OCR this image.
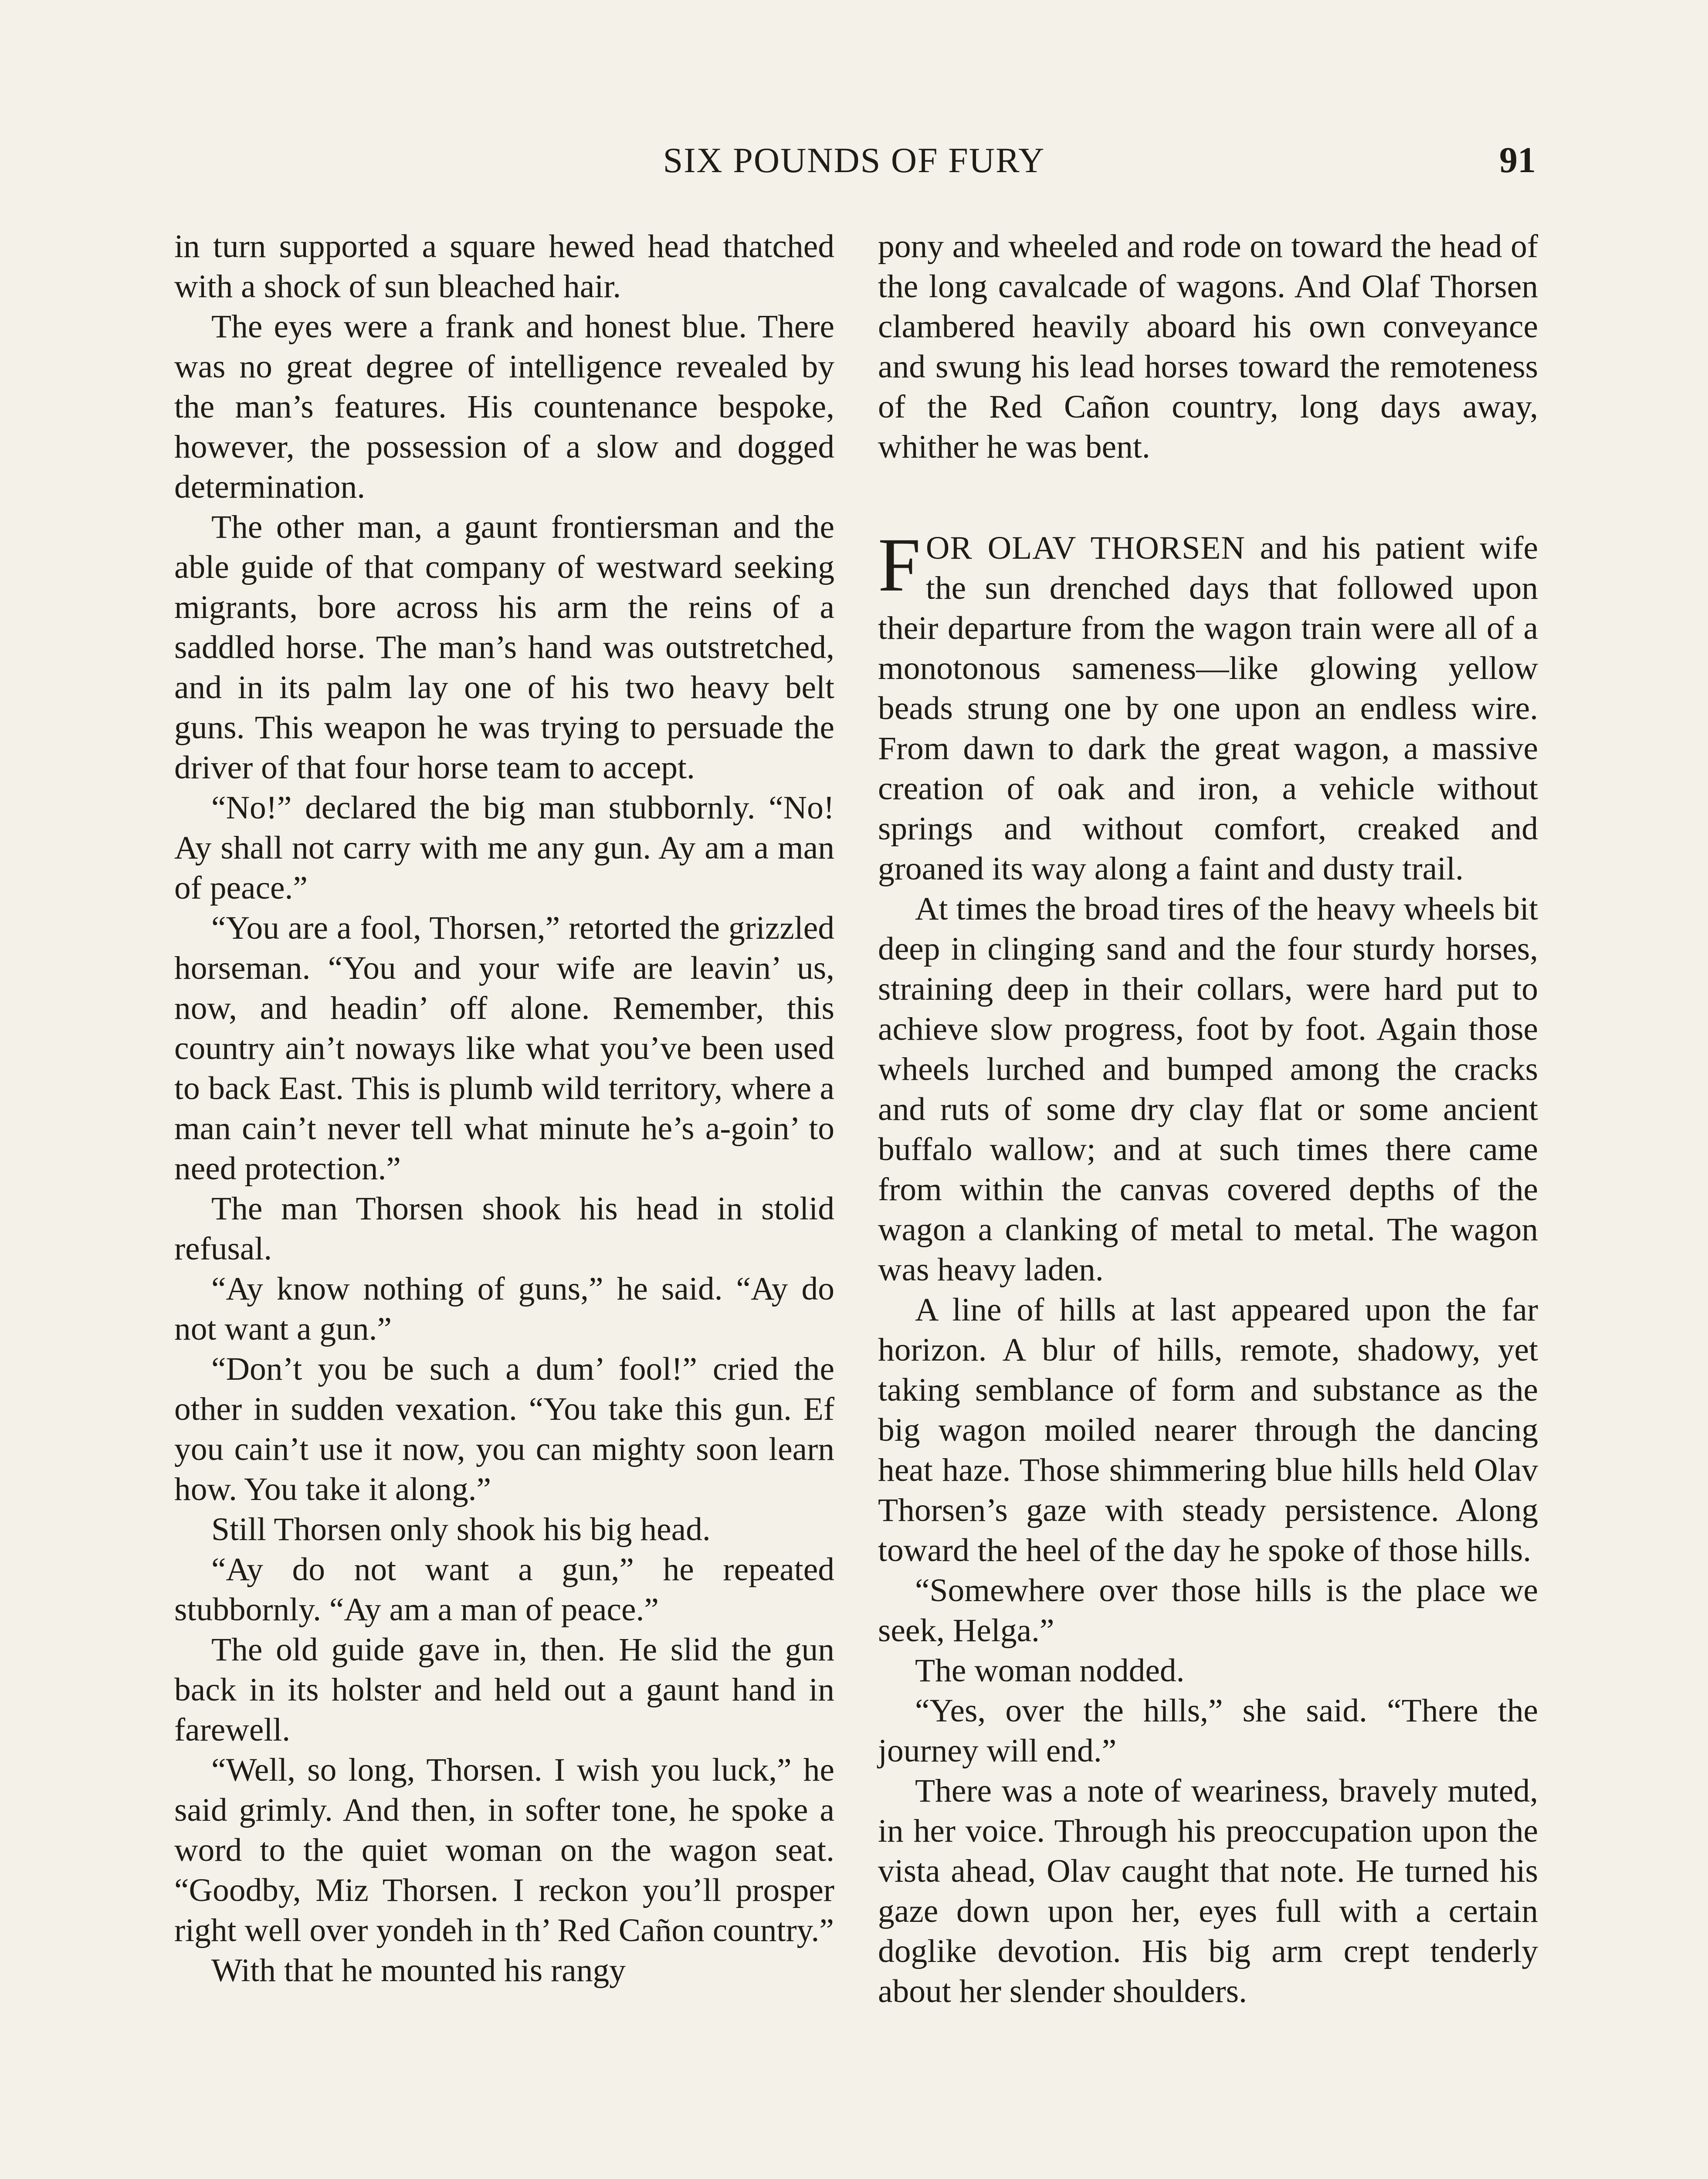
SIX POUNDS OF FURY	91

in turn supported a square hewed head thatched with a shock of sun bleached hair.

The eyes were a frank and honest blue. There was no great degree of intelligence revealed by the man’s features. His countenance bespoke, however, the possession of a slow and dogged determination.

The other man, a gaunt frontiersman and the able guide of that company of westward seeking migrants, bore across his arm the reins of a saddled horse. The man’s hand was outstretched, and in its palm lay one of his two heavy belt guns. This weapon he was trying to persuade the driver of that four horse team to accept.

“No!” declared the big man stubbornly. “No! Ay shall not carry with me any gun. Ay am a man of peace.”

“You are a fool, Thorsen,” retorted the grizzled horseman. “You and your wife are leavin’ us, now, and headin’ off alone. Remember, this country ain’t noways like what you’ve been used to back East. This is plumb wild territory, where a man cain’t never tell what minute he’s a-goin’ to need protection.”

The man Thorsen shook his head in stolid refusal.

“Ay know nothing of guns,” he said. “Ay do not want a gun.”

“Don’t you be such a dum’ fool!” cried the other in sudden vexation. “You take this gun. Ef you cain’t use it now, you can mighty soon learn how. You take it along.”

Still Thorsen only shook his big head.

“Ay do not want a gun,” he repeated stubbornly. “Ay am a man of peace.”

The old guide gave in, then. He slid the gun back in its holster and held out a gaunt hand in farewell.

“Well, so long, Thorsen. I wish you luck,” he said grimly. And then, in softer tone, he spoke a word to the quiet woman on the wagon seat. “Goodby, Miz Thorsen. I reckon you’ll prosper right well over yondeh in th’ Red Cañon country.”

With that he mounted his rangy

pony and wheeled and rode on toward the head of the long cavalcade of wagons. And Olaf Thorsen clambered heavily aboard his own conveyance and swung his lead horses toward the remoteness of the Red Cañon country, long days away, whither he was bent.

FOR OLAV THORSEN and his patient wife the sun drenched days that followed upon their departure from the wagon train were all of a monotonous sameness—like glowing yellow beads strung one by one upon an endless wire. From dawn to dark the great wagon, a massive creation of oak and iron, a vehicle without springs and without comfort, creaked and groaned its way along a faint and dusty trail.

At times the broad tires of the heavy wheels bit deep in clinging sand and the four sturdy horses, straining deep in their collars, were hard put to achieve slow progress, foot by foot. Again those wheels lurched and bumped among the cracks and ruts of some dry clay flat or some ancient buffalo wallow; and at such times there came from within the canvas covered depths of the wagon a clanking of metal to metal. The wagon was heavy laden.

A line of hills at last appeared upon the far horizon. A blur of hills, remote, shadowy, yet taking semblance of form and substance as the big wagon moiled nearer through the dancing heat haze. Those shimmering blue hills held Olav Thorsen’s gaze with steady persistence. Along toward the heel of the day he spoke of those hills.

“Somewhere over those hills is the place we seek, Helga.”

The woman nodded.

“Yes, over the hills,” she said. “There the journey will end.”

There was a note of weariness, bravely muted, in her voice. Through his preoccupation upon the vista ahead, Olav caught that note. He turned his gaze down upon her, eyes full with a certain doglike devotion. His big arm crept tenderly about her slender shoulders.
